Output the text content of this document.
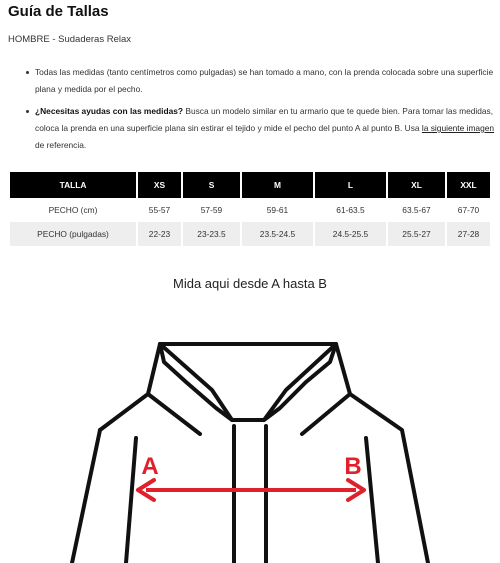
Guía de Tallas
HOMBRE - Sudaderas Relax
Todas las medidas (tanto centímetros como pulgadas) se han tomado a mano, con la prenda colocada sobre una superficie plana y medida por el pecho.
¿Necesitas ayudas con las medidas? Busca un modelo similar en tu armario que te quede bien. Para tomar las medidas, coloca la prenda en una superficie plana sin estirar el tejido y mide el pecho del punto A al punto B. Usa la siguiente imagen de referencia.
TALLA	XS	S	M	L	XL	XXL
PECHO (cm)	55-57	57-59	59-61	61-63.5	63.5-67	67-70
PECHO (pulgadas)	22-23	23-23.5	23.5-24.5	24.5-25.5	25.5-27	27-28
Mida aqui desde A hasta B
A	B
